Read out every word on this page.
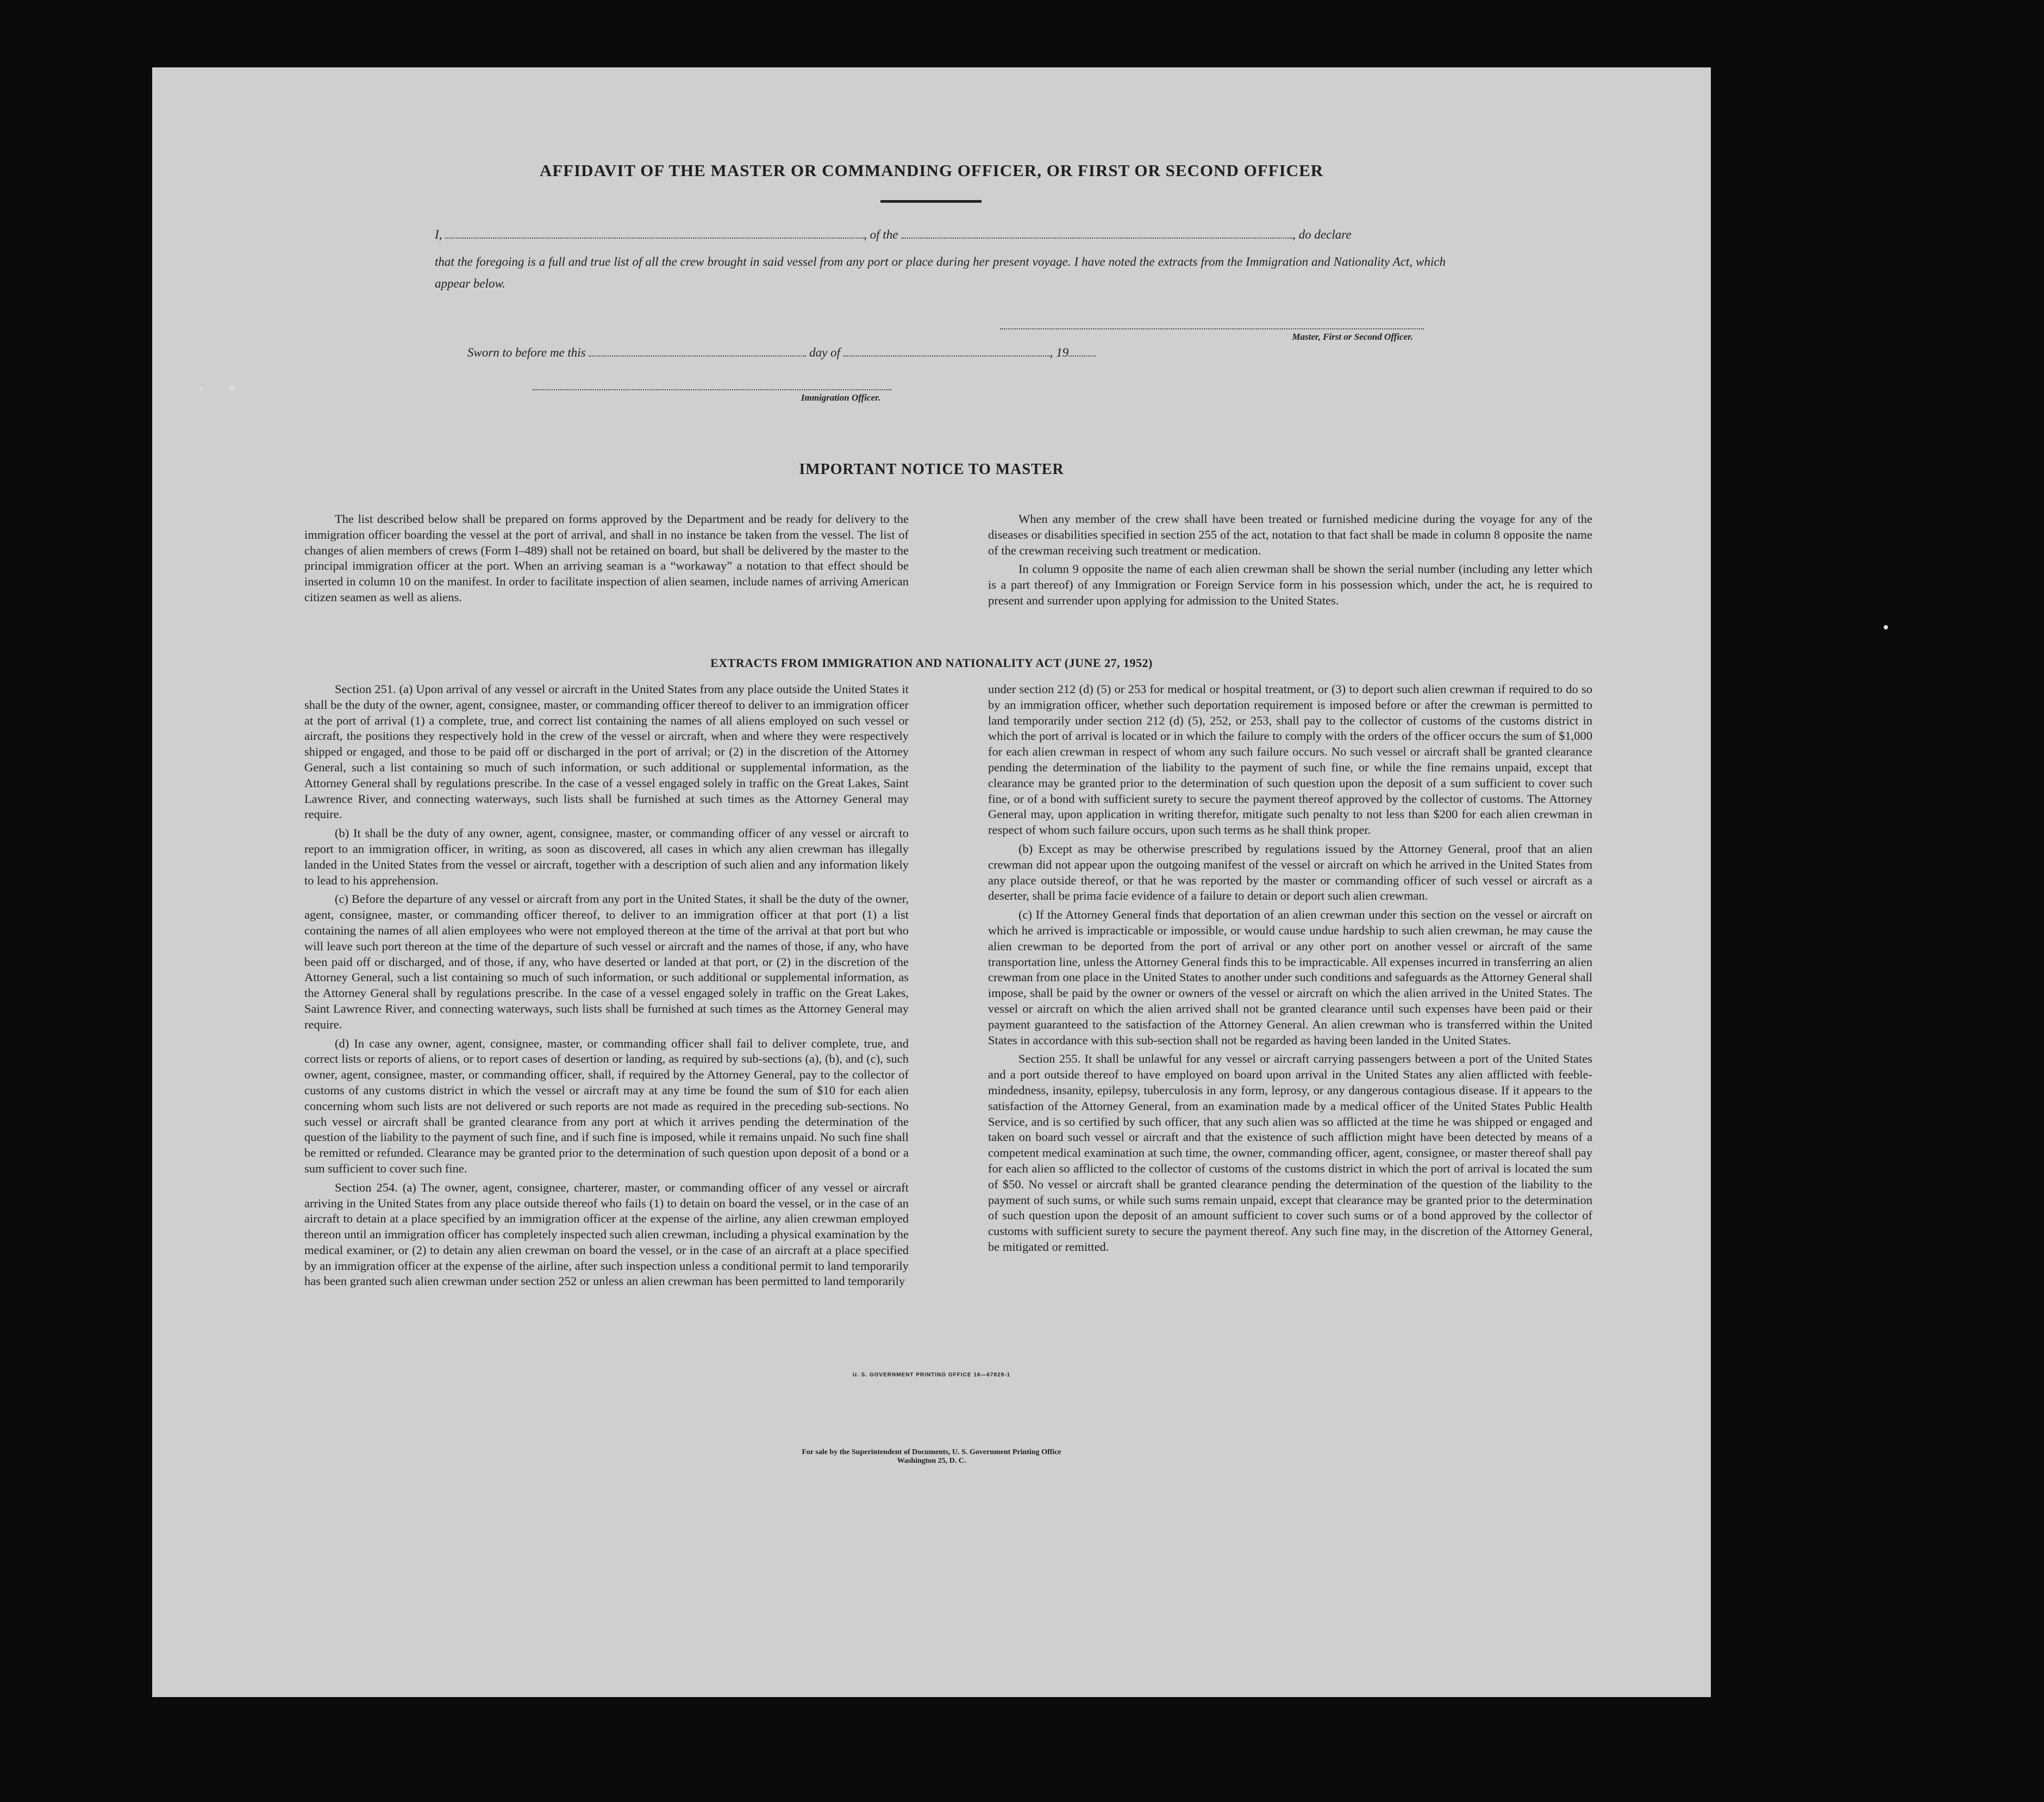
AFFIDAVIT OF THE MASTER OR COMMANDING OFFICER, OR FIRST OR SECOND OFFICER
I,	, of the	, do declare
that the foregoing is a full and true list of all the crew brought in said vessel from any port or place during her present voyage. I have noted the extracts from the Immigration and Nationality Act, which appear below.
Master, First or Second Officer.
Sworn to before me this	day of	, 19
Immigration Officer.
IMPORTANT NOTICE TO MASTER

The list described below shall be prepared on forms approved by the Department and be ready for delivery to the immigration officer boarding the vessel at the port of arrival, and shall in no instance be taken from the vessel. The list of changes of alien members of crews (Form I–489) shall not be retained on board, but shall be delivered by the master to the principal immigration officer at the port. When an arriving seaman is a “workaway” a notation to that effect should be inserted in column 10 on the manifest. In order to facilitate inspection of alien seamen, include names of arriving American citizen seamen as well as aliens.

When any member of the crew shall have been treated or furnished medicine during the voyage for any of the diseases or disabilities specified in section 255 of the act, notation to that fact shall be made in column 8 opposite the name of the crewman receiving such treatment or medication.

In column 9 opposite the name of each alien crewman shall be shown the serial number (including any letter which is a part thereof) of any Immigration or Foreign Service form in his possession which, under the act, he is required to present and surrender upon applying for admission to the United States.

EXTRACTS FROM IMMIGRATION AND NATIONALITY ACT (JUNE 27, 1952)

Section 251. (a) Upon arrival of any vessel or aircraft in the United States from any place outside the United States it shall be the duty of the owner, agent, consignee, master, or commanding officer thereof to deliver to an immigration officer at the port of arrival (1) a complete, true, and correct list containing the names of all aliens employed on such vessel or aircraft, the positions they respectively hold in the crew of the vessel or aircraft, when and where they were respectively shipped or engaged, and those to be paid off or discharged in the port of arrival; or (2) in the discretion of the Attorney General, such a list containing so much of such information, or such additional or supplemental information, as the Attorney General shall by regulations prescribe. In the case of a vessel engaged solely in traffic on the Great Lakes, Saint Lawrence River, and connecting waterways, such lists shall be furnished at such times as the Attorney General may require.

(b) It shall be the duty of any owner, agent, consignee, master, or commanding officer of any vessel or aircraft to report to an immigration officer, in writing, as soon as discovered, all cases in which any alien crewman has illegally landed in the United States from the vessel or aircraft, together with a description of such alien and any information likely to lead to his apprehension.

(c) Before the departure of any vessel or aircraft from any port in the United States, it shall be the duty of the owner, agent, consignee, master, or commanding officer thereof, to deliver to an immigration officer at that port (1) a list containing the names of all alien employees who were not employed thereon at the time of the arrival at that port but who will leave such port thereon at the time of the departure of such vessel or aircraft and the names of those, if any, who have been paid off or discharged, and of those, if any, who have deserted or landed at that port, or (2) in the discretion of the Attorney General, such a list containing so much of such information, or such additional or supplemental information, as the Attorney General shall by regulations prescribe. In the case of a vessel engaged solely in traffic on the Great Lakes, Saint Lawrence River, and connecting waterways, such lists shall be furnished at such times as the Attorney General may require.

(d) In case any owner, agent, consignee, master, or commanding officer shall fail to deliver complete, true, and correct lists or reports of aliens, or to report cases of desertion or landing, as required by sub-sections (a), (b), and (c), such owner, agent, consignee, master, or commanding officer, shall, if required by the Attorney General, pay to the collector of customs of any customs district in which the vessel or aircraft may at any time be found the sum of $10 for each alien concerning whom such lists are not delivered or such reports are not made as required in the preceding sub-sections. No such vessel or aircraft shall be granted clearance from any port at which it arrives pending the determination of the question of the liability to the payment of such fine, and if such fine is imposed, while it remains unpaid. No such fine shall be remitted or refunded. Clearance may be granted prior to the determination of such question upon deposit of a bond or a sum sufficient to cover such fine.

Section 254. (a) The owner, agent, consignee, charterer, master, or commanding officer of any vessel or aircraft arriving in the United States from any place outside thereof who fails (1) to detain on board the vessel, or in the case of an aircraft to detain at a place specified by an immigration officer at the expense of the airline, any alien crewman employed thereon until an immigration officer has completely inspected such alien crewman, including a physical examination by the medical examiner, or (2) to detain any alien crewman on board the vessel, or in the case of an aircraft at a place specified by an immigration officer at the expense of the airline, after such inspection unless a conditional permit to land temporarily has been granted such alien crewman under section 252 or unless an alien crewman has been permitted to land temporarily

under section 212 (d) (5) or 253 for medical or hospital treatment, or (3) to deport such alien crewman if required to do so by an immigration officer, whether such deportation requirement is imposed before or after the crewman is permitted to land temporarily under section 212 (d) (5), 252, or 253, shall pay to the collector of customs of the customs district in which the port of arrival is located or in which the failure to comply with the orders of the officer occurs the sum of $1,000 for each alien crewman in respect of whom any such failure occurs. No such vessel or aircraft shall be granted clearance pending the determination of the liability to the payment of such fine, or while the fine remains unpaid, except that clearance may be granted prior to the determination of such question upon the deposit of a sum sufficient to cover such fine, or of a bond with sufficient surety to secure the payment thereof approved by the collector of customs. The Attorney General may, upon application in writing therefor, mitigate such penalty to not less than $200 for each alien crewman in respect of whom such failure occurs, upon such terms as he shall think proper.

(b) Except as may be otherwise prescribed by regulations issued by the Attorney General, proof that an alien crewman did not appear upon the outgoing manifest of the vessel or aircraft on which he arrived in the United States from any place outside thereof, or that he was reported by the master or commanding officer of such vessel or aircraft as a deserter, shall be prima facie evidence of a failure to detain or deport such alien crewman.

(c) If the Attorney General finds that deportation of an alien crewman under this section on the vessel or aircraft on which he arrived is impracticable or impossible, or would cause undue hardship to such alien crewman, he may cause the alien crewman to be deported from the port of arrival or any other port on another vessel or aircraft of the same transportation line, unless the Attorney General finds this to be impracticable. All expenses incurred in transferring an alien crewman from one place in the United States to another under such conditions and safeguards as the Attorney General shall impose, shall be paid by the owner or owners of the vessel or aircraft on which the alien arrived in the United States. The vessel or aircraft on which the alien arrived shall not be granted clearance until such expenses have been paid or their payment guaranteed to the satisfaction of the Attorney General. An alien crewman who is transferred within the United States in accordance with this sub-section shall not be regarded as having been landed in the United States.

Section 255. It shall be unlawful for any vessel or aircraft carrying passengers between a port of the United States and a port outside thereof to have employed on board upon arrival in the United States any alien afflicted with feeble-mindedness, insanity, epilepsy, tuberculosis in any form, leprosy, or any dangerous contagious disease. If it appears to the satisfaction of the Attorney General, from an examination made by a medical officer of the United States Public Health Service, and is so certified by such officer, that any such alien was so afflicted at the time he was shipped or engaged and taken on board such vessel or aircraft and that the existence of such affliction might have been detected by means of a competent medical examination at such time, the owner, commanding officer, agent, consignee, or master thereof shall pay for each alien so afflicted to the collector of customs of the customs district in which the port of arrival is located the sum of $50. No vessel or aircraft shall be granted clearance pending the determination of the question of the liability to the payment of such sums, or while such sums remain unpaid, except that clearance may be granted prior to the determination of such question upon the deposit of an amount sufficient to cover such sums or of a bond approved by the collector of customs with sufficient surety to secure the payment thereof. Any such fine may, in the discretion of the Attorney General, be mitigated or remitted.

U. S. GOVERNMENT PRINTING OFFICE 16—67829-1
For sale by the Superintendent of Documents, U. S. Government Printing Office
Washington 25, D. C.
